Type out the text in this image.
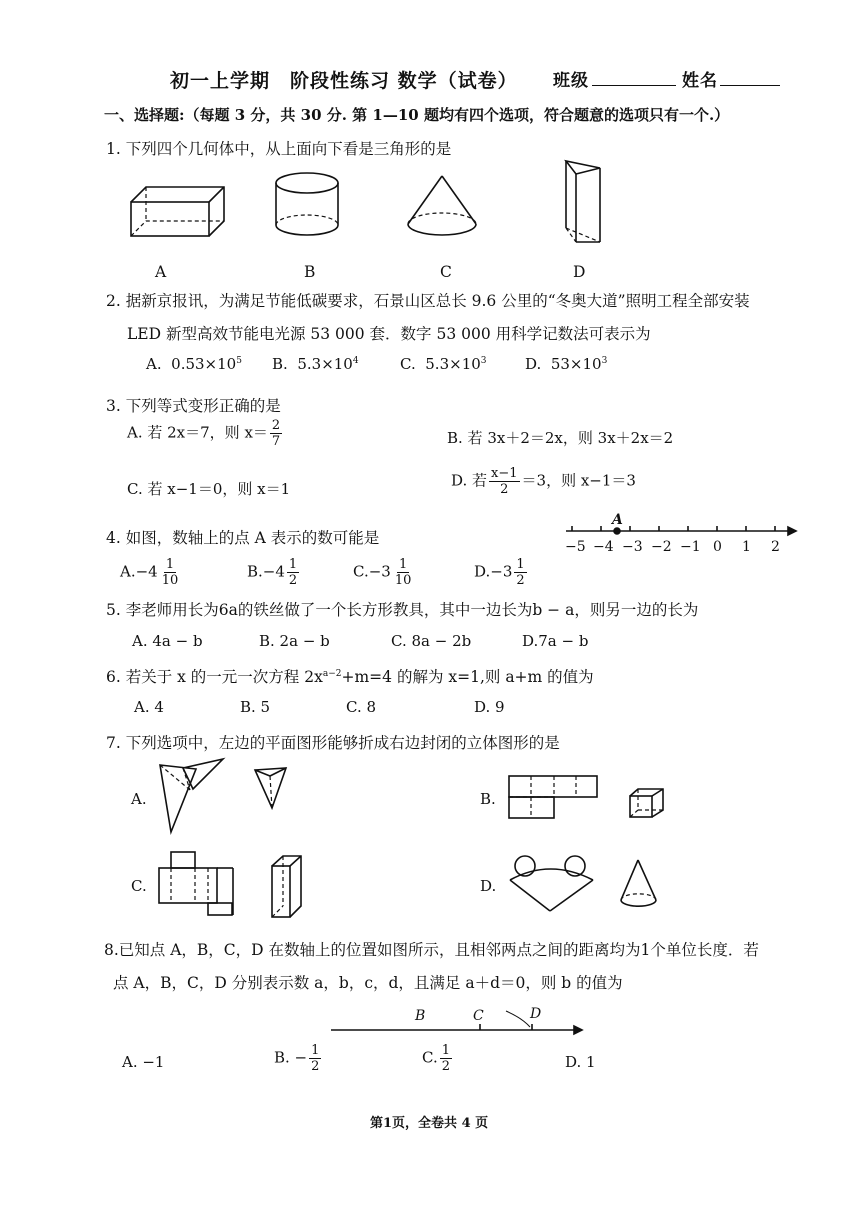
初一上学期　阶段性练习 数学（试卷） 班级	姓名
一、选择题:（每题 3 分，共 30 分. 第 1—10 题均有四个选项，符合题意的选项只有一个.）
1. 下列四个几何体中，从上面向下看是三角形的是
A	B	C	D
2. 据新京报讯，为满足节能低碳要求，石景山区总长 9.6 公里的“冬奥大道”照明工程全部安装
LED 新型高效节能电光源 53 000 套．数字 53 000 用科学记数法可表示为
A. $0.53\times 10^5$ B. $5.3\times 10^4$	C. $5.3\times 10^3$	D. $53\times 10^3$
3. 下列等式变形正确的是
A. 若 2x＝7，则 $x= \frac{2}{7}$	B. 若 3x＋2＝2x，则 3x＋2x＝2
C. 若 x−1＝0，则 x＝1	D. 若 $\frac{x-1}{2} =3$，则 x−1＝3
4. 如图，数轴上的点 A 表示的数可能是
A
−5 −4 −3 −2 −1 0 1 2
$A.-4 \frac{1}{10}$	$B.-4 \frac{1}{2}$	$C.-3 \frac{1}{10}$	$D.-3 \frac{1}{2}$
5. 李老师用长为6a的铁丝做了一个长方形教具，其中一边长为b − a，则另一边的长为
A. 4a − b	B. 2a − b	C. 8a − 2b	D.7a − b
6. 若关于 x 的一元一次方程 $2x^{a-2}+m=4$ 的解为 x=1,则 a+m 的值为
A. 4	B. 5	C. 8	D. 9
7. 下列选项中，左边的平面图形能够折成右边封闭的立体图形的是
A.	B.
C.	D.
8.已知点 A，B，C，D 在数轴上的位置如图所示，且相邻两点之间的距离均为1个单位长度．若
点 A，B，C，D 分别表示数 a，b，c，d，且满足 a＋d＝0，则 b 的值为
B	C	D
A. −1	B. − $\frac{1}{2}$	C. $\frac{1}{2}$	D. 1
第1页，全卷共 4 页
